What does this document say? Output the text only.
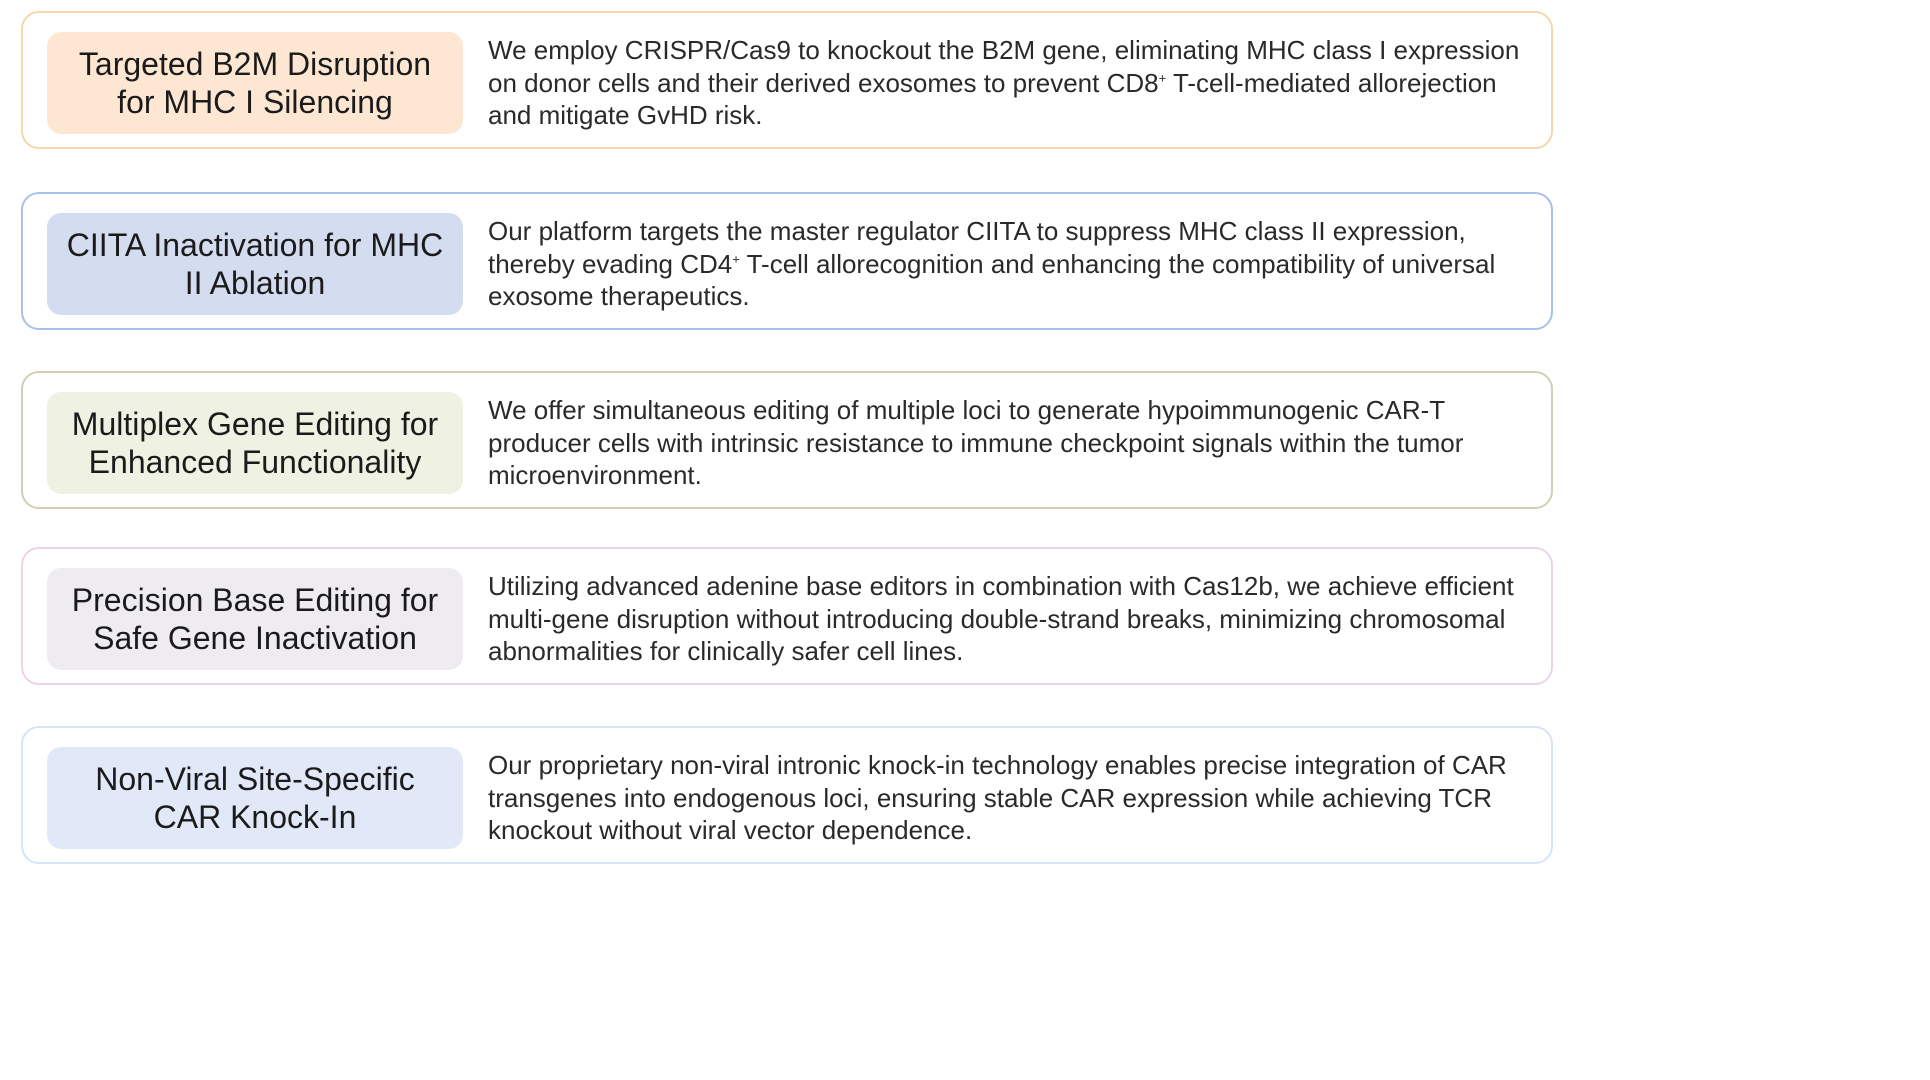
Targeted B2M Disruption for MHC I Silencing

We employ CRISPR/Cas9 to knockout the B2M gene, eliminating MHC class I expression on donor cells and their derived exosomes to prevent CD8+ T-cell-mediated allorejection and mitigate GvHD risk.

CIITA Inactivation for MHC II Ablation

Our platform targets the master regulator CIITA to suppress MHC class II expression, thereby evading CD4+ T-cell allorecognition and enhancing the compatibility of universal exosome therapeutics.

Multiplex Gene Editing for Enhanced Functionality

We offer simultaneous editing of multiple loci to generate hypoimmunogenic CAR-T producer cells with intrinsic resistance to immune checkpoint signals within the tumor microenvironment.

Precision Base Editing for Safe Gene Inactivation

Utilizing advanced adenine base editors in combination with Cas12b, we achieve efficient multi-gene disruption without introducing double-strand breaks, minimizing chromosomal abnormalities for clinically safer cell lines.

Non-Viral Site-Specific CAR Knock-In

Our proprietary non-viral intronic knock-in technology enables precise integration of CAR transgenes into endogenous loci, ensuring stable CAR expression while achieving TCR knockout without viral vector dependence.
